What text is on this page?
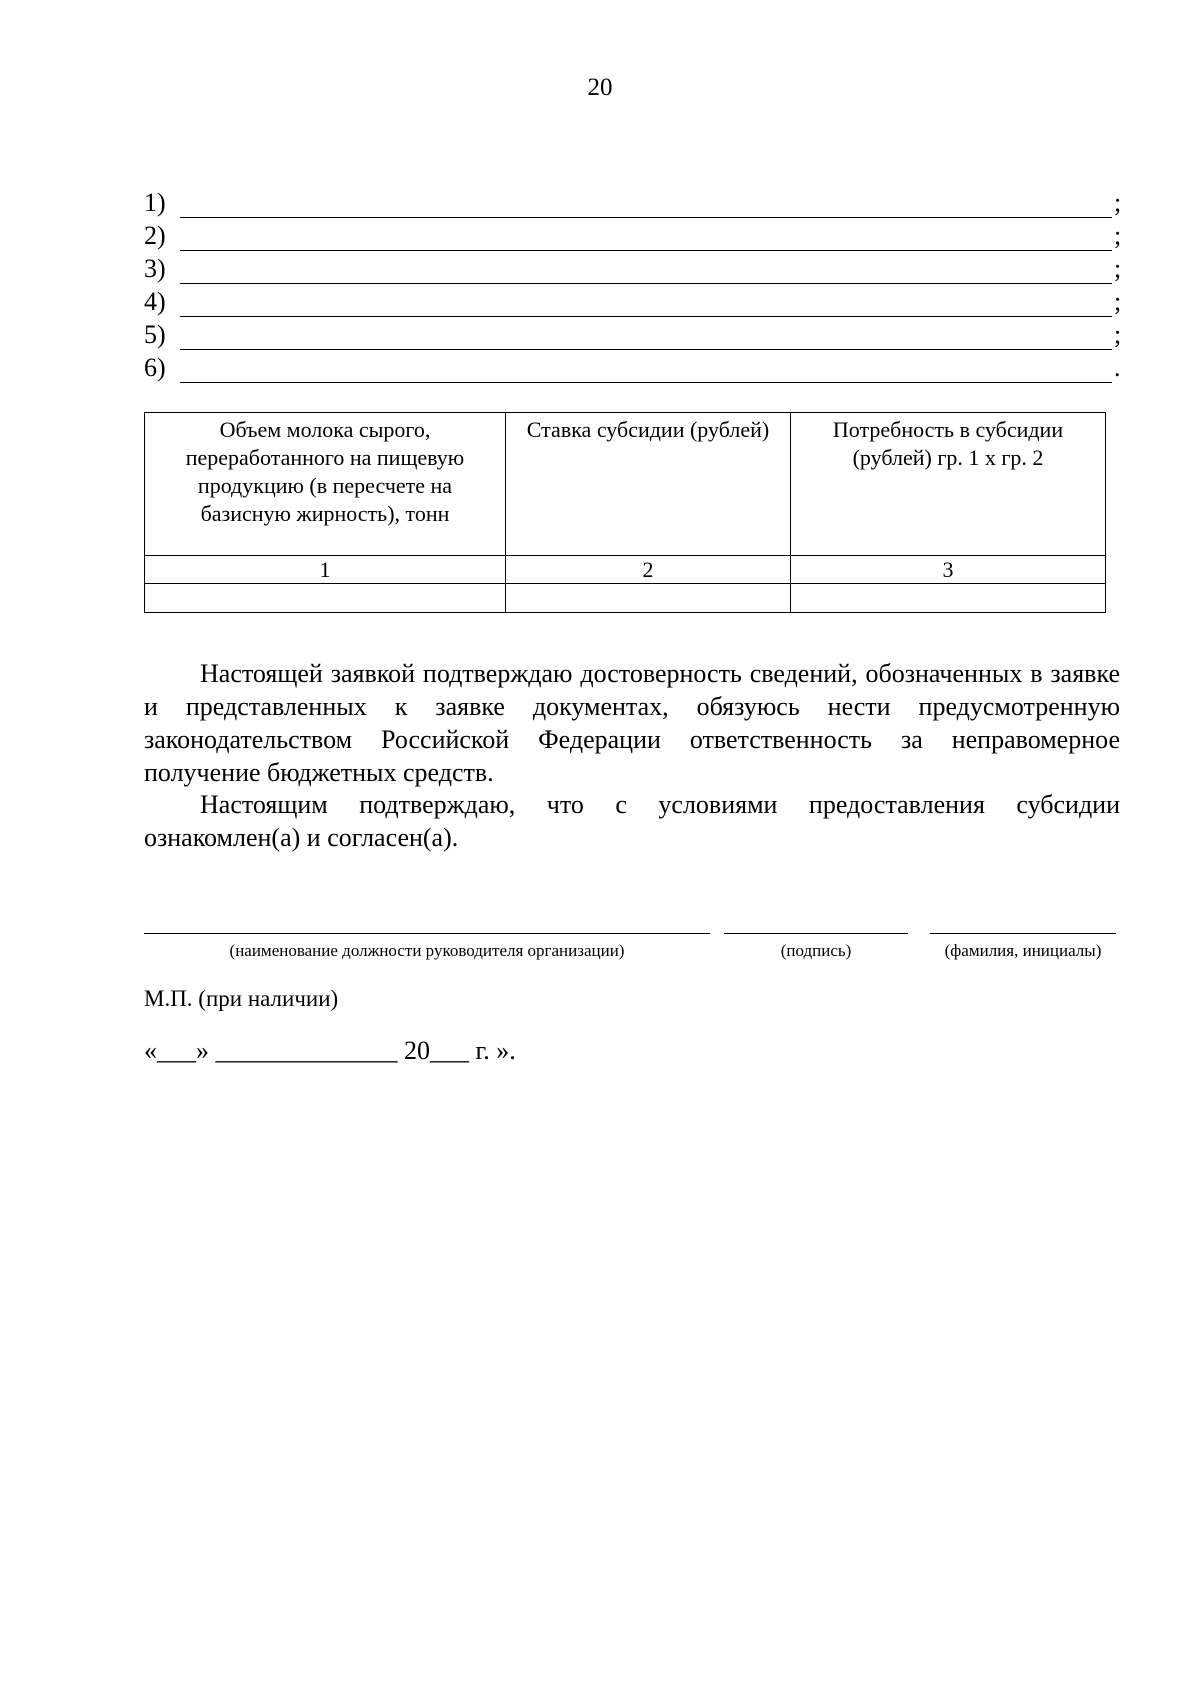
20
1)	;
2)	;
3)	;
4)	;
5)	;
6)	.
Объем молока сырого, переработанного на пищевую продукцию (в пересчете на базисную жирность), тонн	Ставка субсидии (рублей)	Потребность в субсидии (рублей) гр. 1 х гр. 2
1	2	3

Настоящей заявкой подтверждаю достоверность сведений, обозначенных в заявке и представленных к заявке документах, обязуюсь нести предусмотренную законодательством Российской Федерации ответственность за неправомерное получение бюджетных средств.

Настоящим подтверждаю, что с условиями предоставления субсидии ознакомлен(а) и согласен(а).

(наименование должности руководителя организации)	(подпись)	(фамилия, инициалы)
М.П. (при наличии)
«___» ______________ 20___ г. ».
